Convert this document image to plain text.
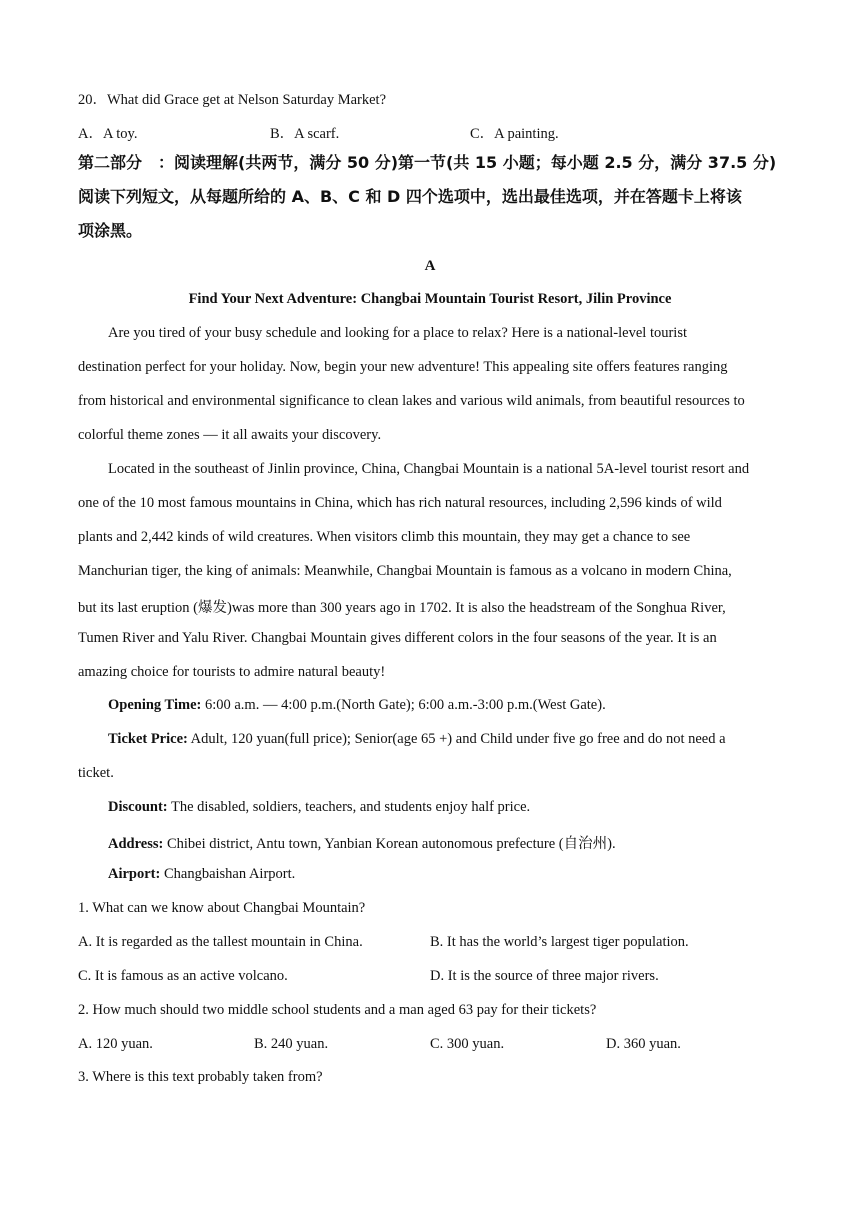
20．What did Grace get at Nelson Saturday Market?
A．A toy.	B．A scarf.	C．A painting.
第二部分　：阅读理解(共两节，满分 50 分)第一节(共 15 小题；每小题 2.5 分，满分 37.5 分)
阅读下列短文，从每题所给的 A、B、C 和 D 四个选项中，选出最佳选项，并在答题卡上将该
项涂黑。
A
Find Your Next Adventure: Changbai Mountain Tourist Resort, Jilin Province
Are you tired of your busy schedule and looking for a place to relax? Here is a national-level tourist
destination perfect for your holiday. Now, begin your new adventure! This appealing site offers features ranging
from historical and environmental significance to clean lakes and various wild animals, from beautiful resources to
colorful theme zones — it all awaits your discovery.
Located in the southeast of Jinlin province, China, Changbai Mountain is a national 5A-level tourist resort and
one of the 10 most famous mountains in China, which has rich natural resources, including 2,596 kinds of wild
plants and 2,442 kinds of wild creatures. When visitors climb this mountain, they may get a chance to see
Manchurian tiger, the king of animals: Meanwhile, Changbai Mountain is famous as a volcano in modern China,
but its last eruption (爆发)was more than 300 years ago in 1702. It is also the headstream of the Songhua River,
Tumen River and Yalu River. Changbai Mountain gives different colors in the four seasons of the year. It is an
amazing choice for tourists to admire natural beauty!
Opening Time: 6:00 a.m. — 4:00 p.m.(North Gate); 6:00 a.m.-3:00 p.m.(West Gate).
Ticket Price: Adult, 120 yuan(full price); Senior(age 65 +) and Child under five go free and do not need a
ticket.
Discount: The disabled, soldiers, teachers, and students enjoy half price.
Address: Chibei district, Antu town, Yanbian Korean autonomous prefecture (自治州).
Airport: Changbaishan Airport.
1. What can we know about Changbai Mountain?
A. It is regarded as the tallest mountain in China.	B. It has the world’s largest tiger population.
C. It is famous as an active volcano.	D. It is the source of three major rivers.
2. How much should two middle school students and a man aged 63 pay for their tickets?
A. 120 yuan.	B. 240 yuan.	C. 300 yuan.	D. 360 yuan.
3. Where is this text probably taken from?
